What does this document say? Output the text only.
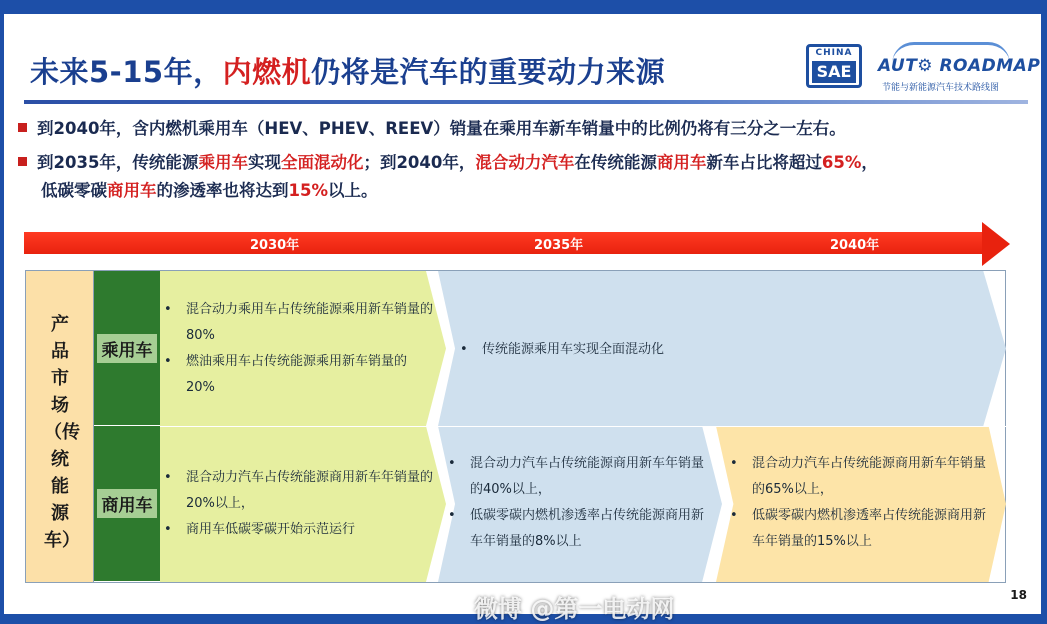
未来5-15年，内燃机仍将是汽车的重要动力来源
CHINA
SAE AUT⚙ ROADMAP
节能与新能源汽车技术路线图
到2040年，含内燃机乘用车（HEV、PHEV、REEV）销量在乘用车新车销量中的比例仍将有三分之一左右。
到2035年，传统能源乘用车实现全面混动化；到2040年，混合动力汽车在传统能源商用车新车占比将超过65%，
低碳零碳商用车的渗透率也将达到15%以上。
2030年	2035年	2040年
产品市场（传统能源车）
乘用车
商用车
• 混合动力乘用车占传统能源乘用新车销量的80%
• 燃油乘用车占传统能源乘用新车销量的20%
• 传统能源乘用车实现全面混动化
• 混合动力汽车占传统能源商用新车年销量的20%以上，
• 商用车低碳零碳开始示范运行
• 混合动力汽车占传统能源商用新车年销量的40%以上，
• 低碳零碳内燃机渗透率占传统能源商用新车年销量的8%以上
• 混合动力汽车占传统能源商用新车年销量的65%以上，
• 低碳零碳内燃机渗透率占传统能源商用新车年销量的15%以上
18
微博 @第一电动网
